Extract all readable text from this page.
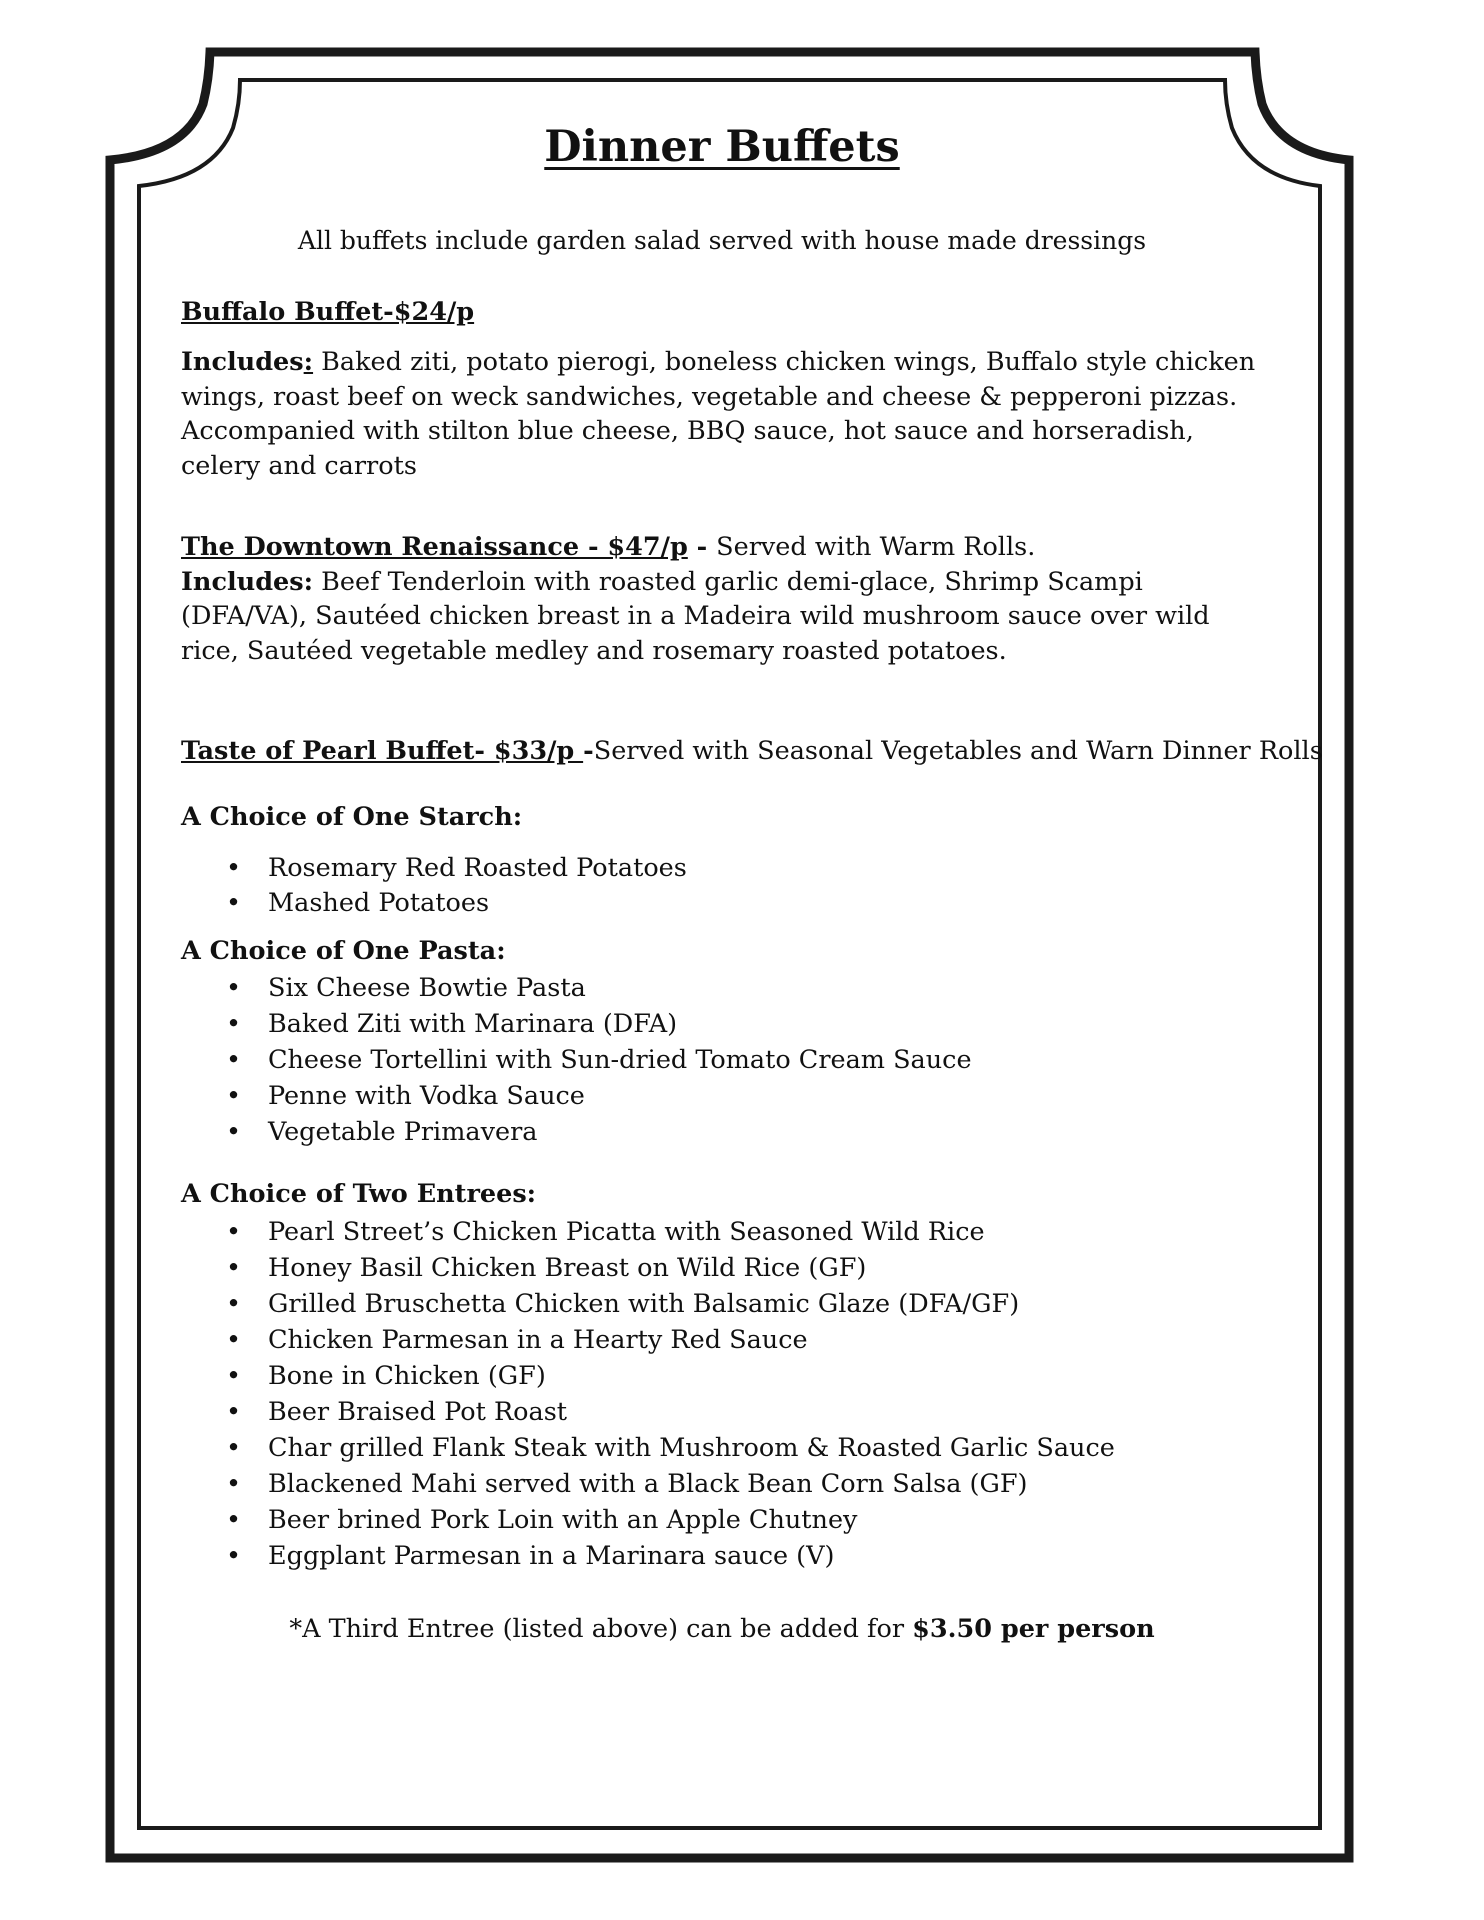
Dinner Buffets
All buffets include garden salad served with house made dressings
Buffalo Buffet-$24/p

Includes: Baked ziti, potato pierogi, boneless chicken wings, Buffalo style chicken wings, roast beef on weck sandwiches, vegetable and cheese & pepperoni pizzas. Accompanied with stilton blue cheese, BBQ sauce, hot sauce and horseradish, celery and carrots

The Downtown Renaissance - $47/p - Served with Warm Rolls.
Includes: Beef Tenderloin with roasted garlic demi-glace, Shrimp Scampi (DFA/VA), Sautéed chicken breast in a Madeira wild mushroom sauce over wild rice, Sautéed vegetable medley and rosemary roasted potatoes.

Taste of Pearl Buffet- $33/p -Served with Seasonal Vegetables and Warn Dinner Rolls

A Choice of One Starch:
• Rosemary Red Roasted Potatoes
• Mashed Potatoes
A Choice of One Pasta:
• Six Cheese Bowtie Pasta
• Baked Ziti with Marinara (DFA)
• Cheese Tortellini with Sun-dried Tomato Cream Sauce
• Penne with Vodka Sauce
• Vegetable Primavera
A Choice of Two Entrees:
• Pearl Street’s Chicken Picatta with Seasoned Wild Rice
• Honey Basil Chicken Breast on Wild Rice (GF)
• Grilled Bruschetta Chicken with Balsamic Glaze (DFA/GF)
• Chicken Parmesan in a Hearty Red Sauce
• Bone in Chicken (GF)
• Beer Braised Pot Roast
• Char grilled Flank Steak with Mushroom & Roasted Garlic Sauce
• Blackened Mahi served with a Black Bean Corn Salsa (GF)
• Beer brined Pork Loin with an Apple Chutney
• Eggplant Parmesan in a Marinara sauce (V)
*A Third Entree (listed above) can be added for $3.50 per person
